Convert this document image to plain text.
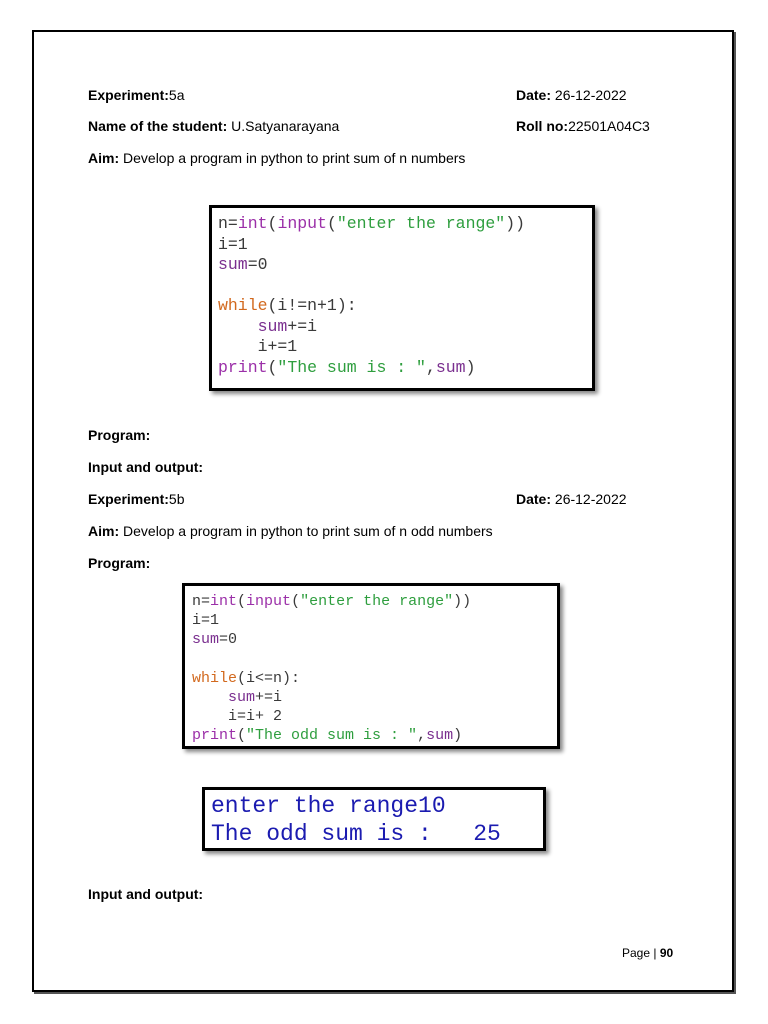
Experiment:5a	Date: 26-12-2022
Name of the student: U.Satyanarayana	Roll no:22501A04C3
Aim: Develop a program in python to print sum of n numbers
n=int(input("enter the range"))
i=1
sum=0

while(i!=n+1):
sum+=i
i+=1
print("The sum is : ",sum)
Program:
Input and output:
Experiment:5b	Date: 26-12-2022
Aim: Develop a program in python to print sum of n odd numbers
Program:
n=int(input("enter the range"))
i=1
sum=0

while(i<=n):
sum+=i
i=i+ 2
print("The odd sum is : ",sum)
enter the range10
The odd sum is :   25
Input and output:
Page | 90
